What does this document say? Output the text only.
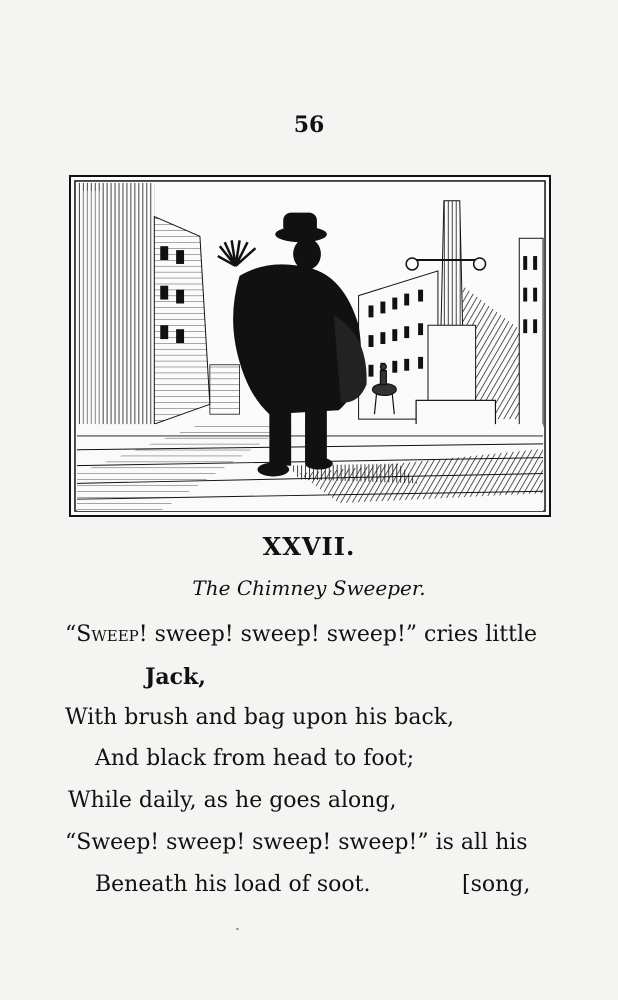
56
XXVII.
The Chimney Sweeper.
“Sweep! sweep! sweep! sweep!” cries little
Jack,
With brush and bag upon his back,
And black from head to foot;
While daily, as he goes along,
“Sweep! sweep! sweep! sweep!” is all his
Beneath his load of soot.	[song,
